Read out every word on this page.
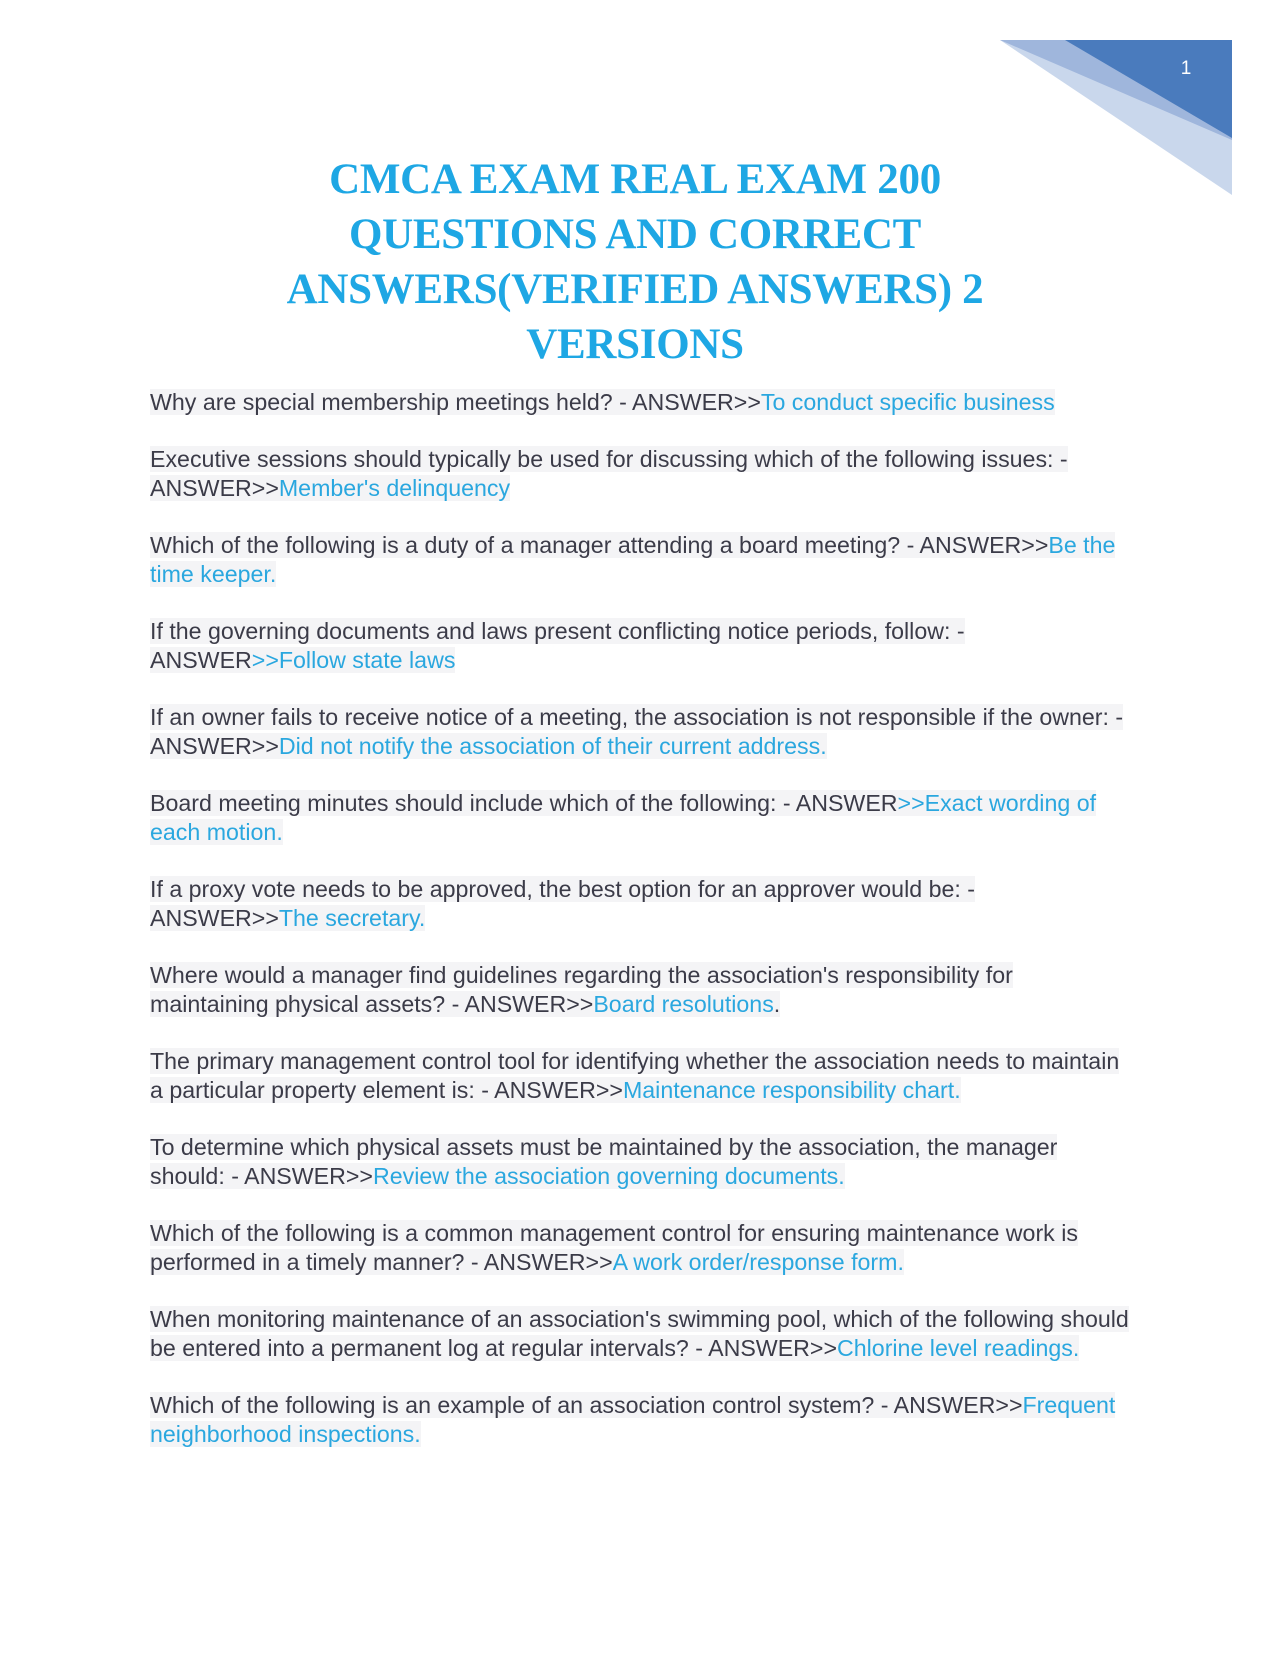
1
CMCA EXAM REAL EXAM 200
QUESTIONS AND CORRECT
ANSWERS(VERIFIED ANSWERS) 2
VERSIONS

Why are special membership meetings held? - ANSWER>>To conduct specific business

Executive sessions should typically be used for discussing which of the following issues: - ANSWER>>Member's delinquency

Which of the following is a duty of a manager attending a board meeting? - ANSWER>>Be the time keeper.

If the governing documents and laws present conflicting notice periods, follow: - ANSWER>>Follow state laws

If an owner fails to receive notice of a meeting, the association is not responsible if the owner: - ANSWER>>Did not notify the association of their current address.

Board meeting minutes should include which of the following: - ANSWER>>Exact wording of each motion.

If a proxy vote needs to be approved, the best option for an approver would be: - ANSWER>>The secretary.

Where would a manager find guidelines regarding the association's responsibility for maintaining physical assets? - ANSWER>>Board resolutions.

The primary management control tool for identifying whether the association needs to maintain a particular property element is: - ANSWER>>Maintenance responsibility chart.

To determine which physical assets must be maintained by the association, the manager should: - ANSWER>>Review the association governing documents.

Which of the following is a common management control for ensuring maintenance work is performed in a timely manner? - ANSWER>>A work order/response form.

When monitoring maintenance of an association's swimming pool, which of the following should be entered into a permanent log at regular intervals? - ANSWER>>Chlorine level readings.

Which of the following is an example of an association control system? - ANSWER>>Frequent neighborhood inspections.
